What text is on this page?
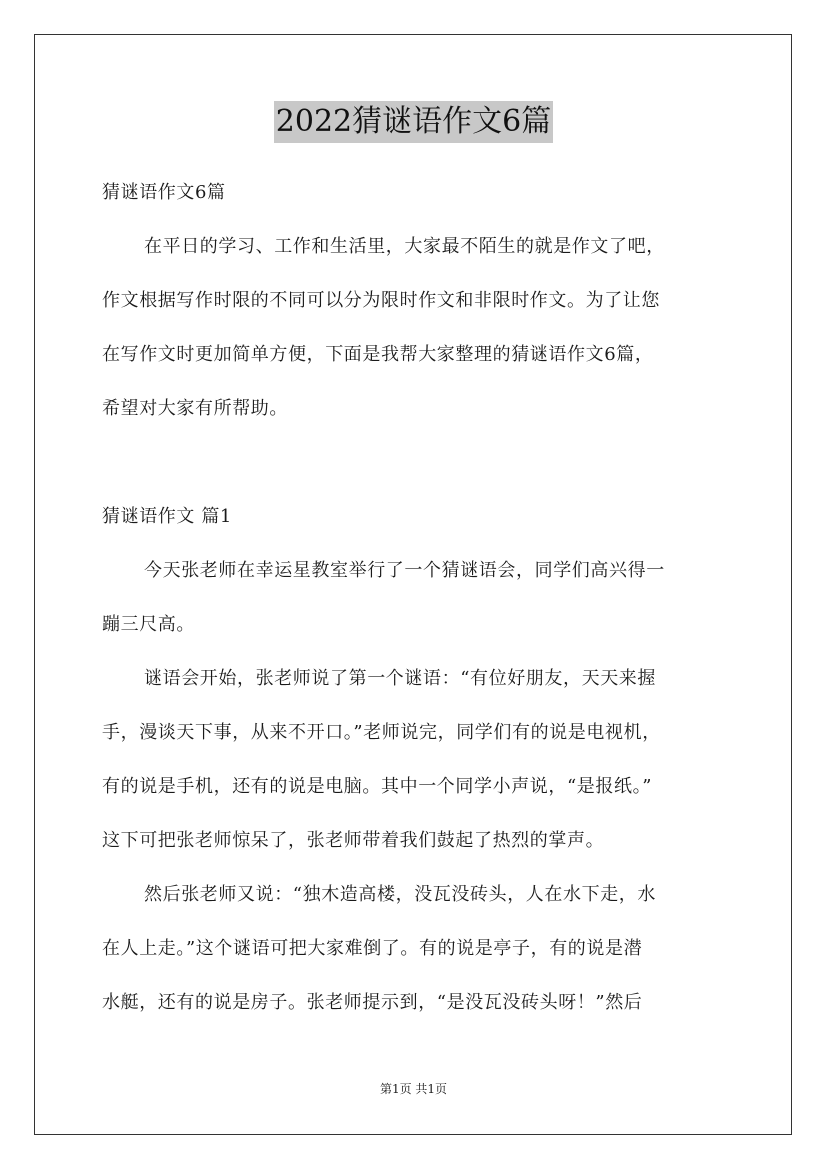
2022猜谜语作文6篇
猜谜语作文6篇
在平日的学习、工作和生活里，大家最不陌生的就是作文了吧，
作文根据写作时限的不同可以分为限时作文和非限时作文。为了让您
在写作文时更加简单方便，下面是我帮大家整理的猜谜语作文6篇，
希望对大家有所帮助。
猜谜语作文 篇1
今天张老师在幸运星教室举行了一个猜谜语会，同学们高兴得一
蹦三尺高。
谜语会开始，张老师说了第一个谜语：“有位好朋友，天天来握
手，漫谈天下事，从来不开口。”老师说完，同学们有的说是电视机，
有的说是手机，还有的说是电脑。其中一个同学小声说，“是报纸。”
这下可把张老师惊呆了，张老师带着我们鼓起了热烈的掌声。
然后张老师又说：“独木造高楼，没瓦没砖头，人在水下走，水
在人上走。”这个谜语可把大家难倒了。有的说是亭子，有的说是潜
水艇，还有的说是房子。张老师提示到，“是没瓦没砖头呀！”然后
第1页 共1页
